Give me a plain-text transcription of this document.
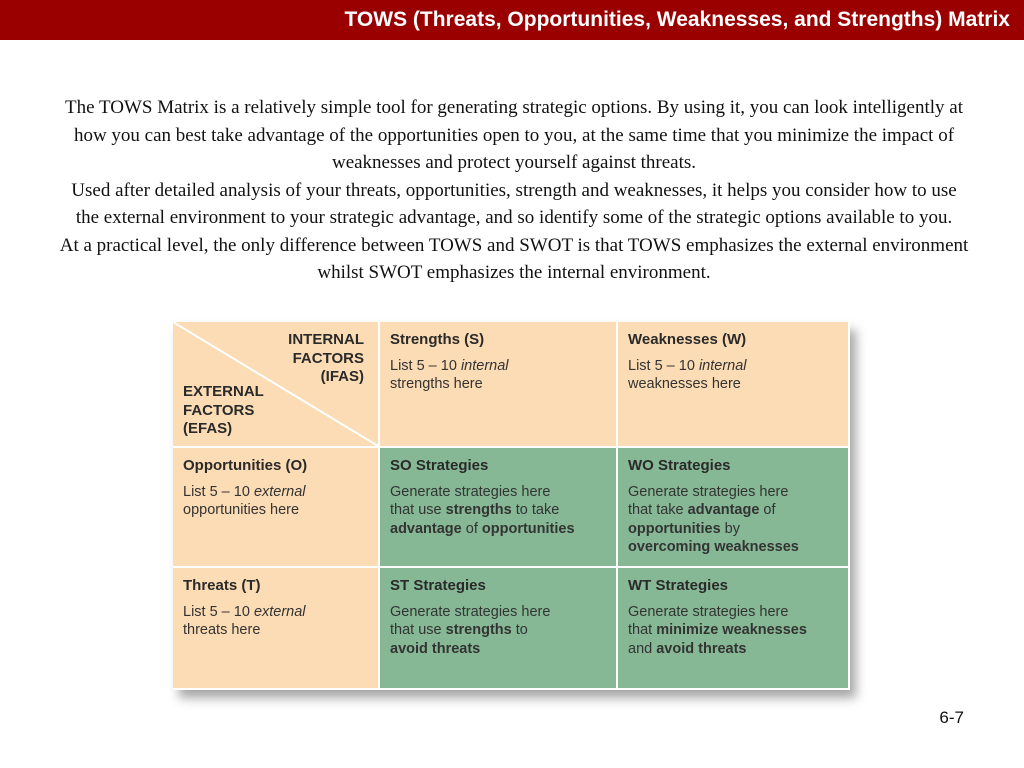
TOWS (Threats, Opportunities, Weaknesses, and Strengths) Matrix

The TOWS Matrix is a relatively simple tool for generating strategic options. By using it, you can look intelligently at how you can best take advantage of the opportunities open to you, at the same time that you minimize the impact of weaknesses and protect yourself against threats.

Used after detailed analysis of your threats, opportunities, strength and weaknesses, it helps you consider how to use the external environment to your strategic advantage, and so identify some of the strategic options available to you.

At a practical level, the only difference between TOWS and SWOT is that TOWS emphasizes the external environment whilst SWOT emphasizes the internal environment.

INTERNAL
FACTORS
(IFAS)
EXTERNAL
FACTORS
(EFAS)
Strengths (S)
List 5 – 10 internal
strengths here
Weaknesses (W)
List 5 – 10 internal
weaknesses here
Opportunities (O)
List 5 – 10 external
opportunities here
SO Strategies
Generate strategies here
that use strengths to take
advantage of opportunities
WO Strategies
Generate strategies here
that take advantage of
opportunities by
overcoming weaknesses
Threats (T)
List 5 – 10 external
threats here
ST Strategies
Generate strategies here
that use strengths to
avoid threats
WT Strategies
Generate strategies here
that minimize weaknesses
and avoid threats
6-7
